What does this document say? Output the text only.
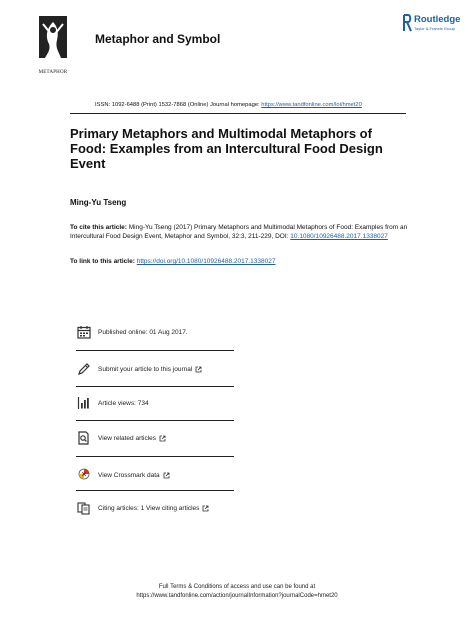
METAPHOR
Metaphor and Symbol
Routledge
Taylor & Francis Group
ISSN: 1092-6488 (Print) 1532-7868 (Online) Journal homepage: https://www.tandfonline.com/loi/hmet20
Primary Metaphors and Multimodal Metaphors of Food: Examples from an Intercultural Food Design Event
Ming-Yu Tseng
To cite this article: Ming-Yu Tseng (2017) Primary Metaphors and Multimodal Metaphors of Food: Examples from an Intercultural Food Design Event, Metaphor and Symbol, 32:3, 211-229, DOI: 10.1080/10926488.2017.1338027
To link to this article: https://doi.org/10.1080/10926488.2017.1338027
Published online: 01 Aug 2017.
Submit your article to this journal
Article views: 734
View related articles
View Crossmark data
Citing articles: 1 View citing articles
Full Terms & Conditions of access and use can be found at
https://www.tandfonline.com/action/journalInformation?journalCode=hmet20
